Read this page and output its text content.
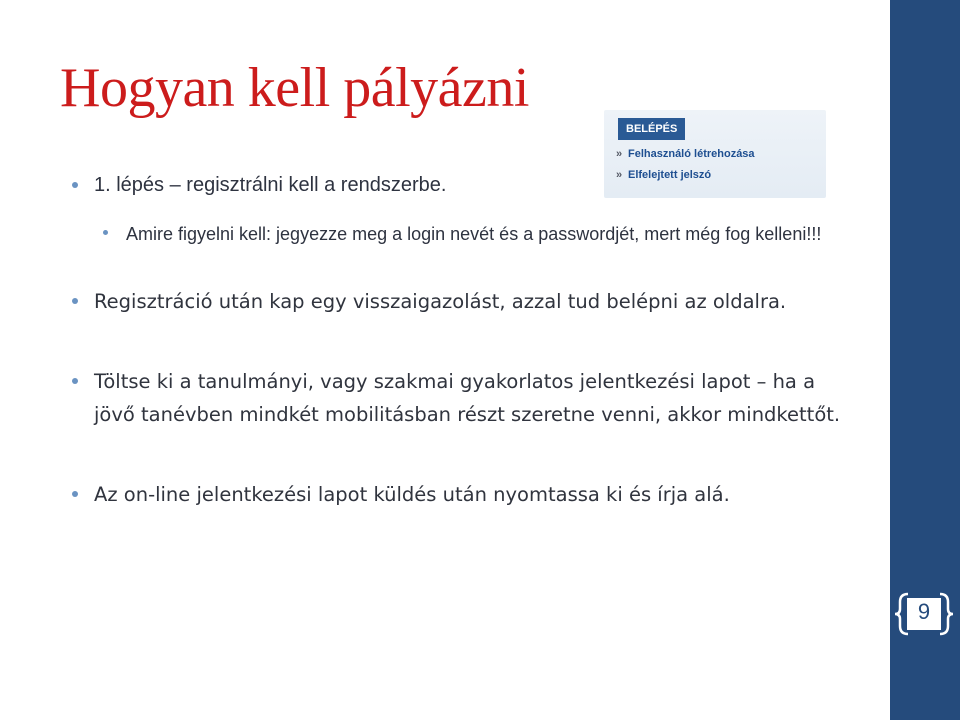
Hogyan kell pályázni
BELÉPÉS
» Felhasználó létrehozása
» Elfelejtett jelszó
1. lépés – regisztrálni kell a rendszerbe.
Amire figyelni kell: jegyezze meg a login nevét és a passwordjét, mert még fog kelleni!!!
Regisztráció után kap egy visszaigazolást, azzal tud belépni az oldalra.
Töltse ki a tanulmányi, vagy szakmai gyakorlatos jelentkezési lapot – ha a jövő tanévben mindkét mobilitásban részt szeretne venni, akkor mindkettőt.
Az on-line jelentkezési lapot küldés után nyomtassa ki és írja alá.
9
